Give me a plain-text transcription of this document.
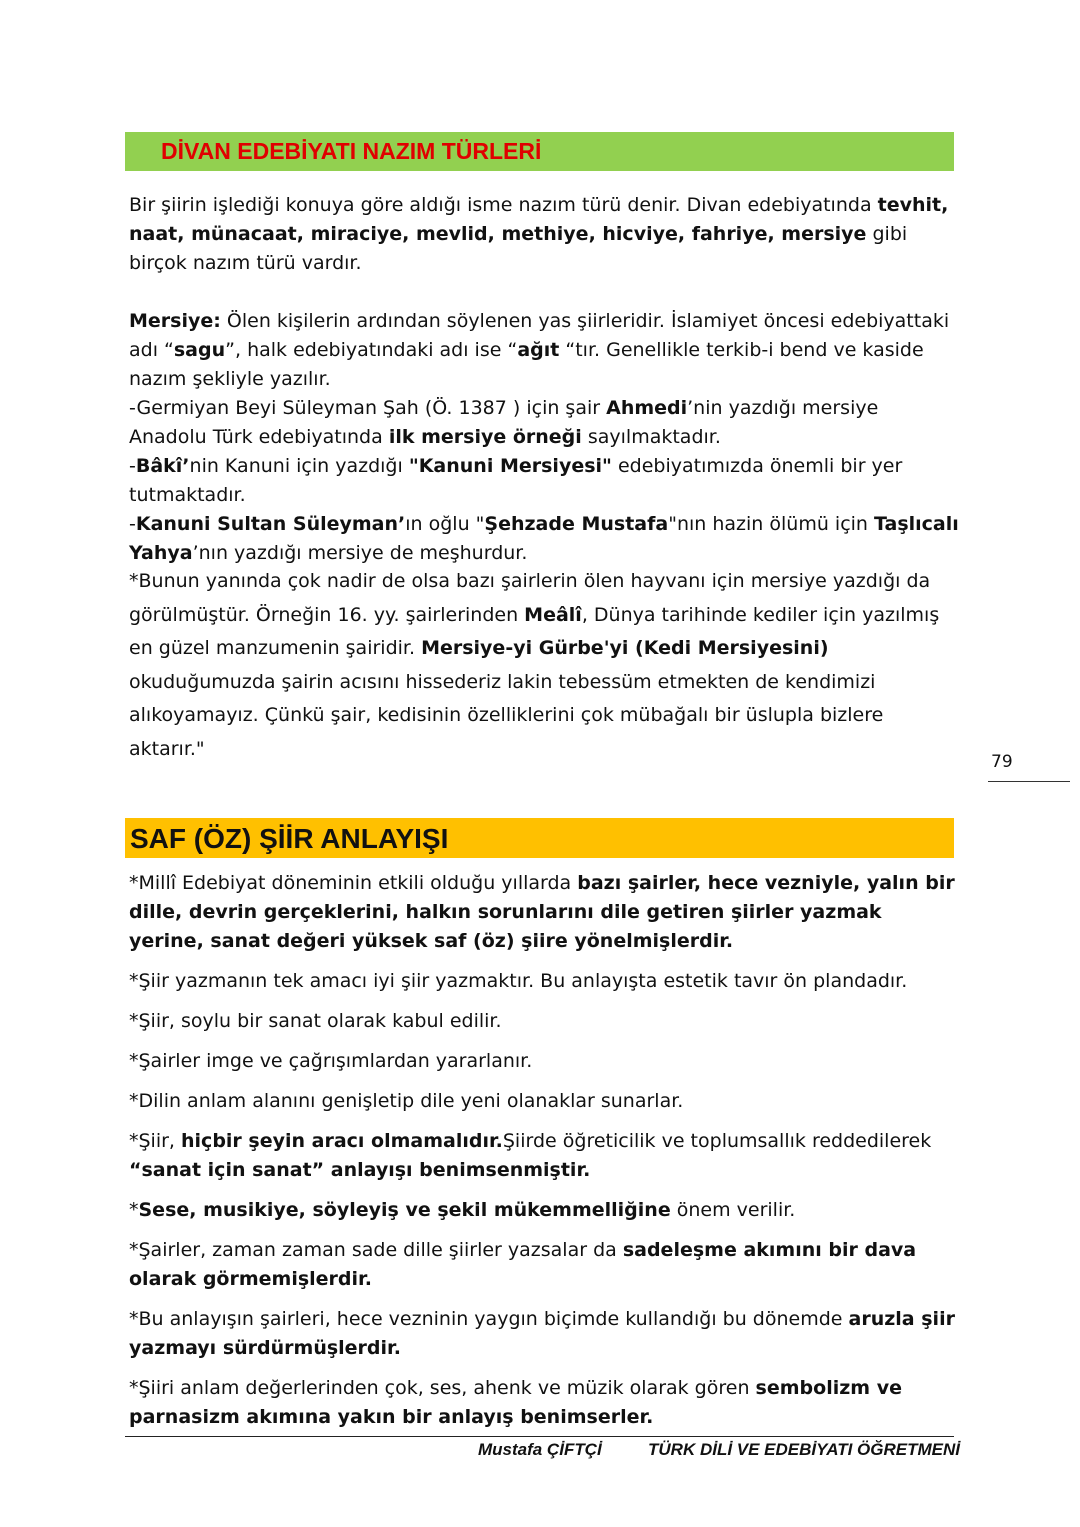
DİVAN EDEBİYATI NAZIM TÜRLERİ

Bir şiirin işlediği konuya göre aldığı isme nazım türü denir. Divan edebiyatında tevhit, naat, münacaat, miraciye, mevlid, methiye, hicviye, fahriye, mersiye gibi birçok nazım türü vardır.

Mersiye: Ölen kişilerin ardından söylenen yas şiirleridir. İslamiyet öncesi edebiyattaki adı “sagu”, halk edebiyatındaki adı ise “ağıt “tır. Genellikle terkib-i bend ve kaside nazım şekliyle yazılır.

-Germiyan Beyi Süleyman Şah (Ö. 1387 ) için şair Ahmedi’nin yazdığı mersiye Anadolu Türk edebiyatında ilk mersiye örneği sayılmaktadır.

-Bâkî’nin Kanuni için yazdığı "Kanuni Mersiyesi" edebiyatımızda önemli bir yer tutmaktadır.

-Kanuni Sultan Süleyman’ın oğlu "Şehzade Mustafa"nın hazin ölümü için Taşlıcalı Yahya’nın yazdığı mersiye de meşhurdur.

*Bunun yanında çok nadir de olsa bazı şairlerin ölen hayvanı için mersiye yazdığı da görülmüştür. Örneğin 16. yy. şairlerinden Meâlî, Dünya tarihinde kediler için yazılmış en güzel manzumenin şairidir. Mersiye-yi Gürbe'yi (Kedi Mersiyesini) okuduğumuzda şairin acısını hissederiz lakin tebessüm etmekten de kendimizi alıkoyamayız. Çünkü şair, kedisinin özelliklerini çok mübağalı bir üslupla bizlere aktarır."

79
SAF (ÖZ) ŞİİR ANLAYIŞI

*Millî Edebiyat döneminin etkili olduğu yıllarda bazı şairler, hece vezniyle, yalın bir dille, devrin gerçeklerini, halkın sorunlarını dile getiren şiirler yazmak yerine, sanat değeri yüksek saf (öz) şiire yönelmişlerdir.

*Şiir yazmanın tek amacı iyi şiir yazmaktır. Bu anlayışta estetik tavır ön plandadır.

*Şiir, soylu bir sanat olarak kabul edilir.

*Şairler imge ve çağrışımlardan yararlanır.

*Dilin anlam alanını genişletip dile yeni olanaklar sunarlar.

*Şiir, hiçbir şeyin aracı olmamalıdır.Şiirde öğreticilik ve toplumsallık reddedilerek “sanat için sanat” anlayışı benimsenmiştir.

*Sese, musikiye, söyleyiş ve şekil mükemmelliğine önem verilir.

*Şairler, zaman zaman sade dille şiirler yazsalar da sadeleşme akımını bir dava olarak görmemişlerdir.

*Bu anlayışın şairleri, hece vezninin yaygın biçimde kullandığı bu dönemde aruzla şiir yazmayı sürdürmüşlerdir.

*Şiiri anlam değerlerinden çok, ses, ahenk ve müzik olarak gören sembolizm ve parnasizm akımına yakın bir anlayış benimserler.

Mustafa ÇİFTÇİ	TÜRK DİLİ VE EDEBİYATI ÖĞRETMENİ
